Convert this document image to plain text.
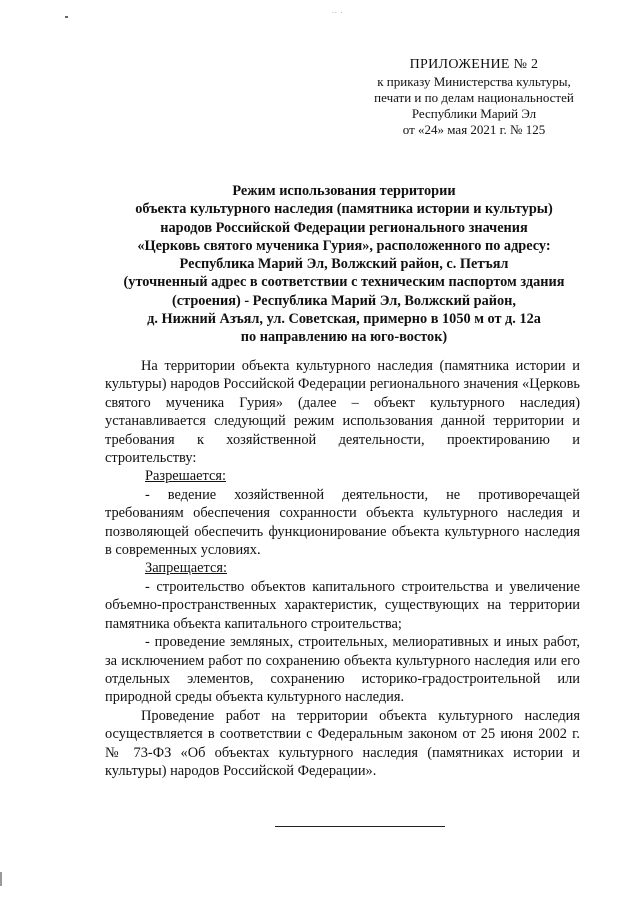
·· ·
ПРИЛОЖЕНИЕ № 2
к приказу Министерства культуры,
печати и по делам национальностей
Республики Марий Эл
от «24» мая 2021 г. № 125
Режим использования территории
объекта культурного наследия (памятника истории и культуры)
народов Российской Федерации регионального значения
«Церковь святого мученика Гурия», расположенного по адресу:
Республика Марий Эл, Волжский район, с. Петъял
(уточненный адрес в соответствии с техническим паспортом здания
(строения) - Республика Марий Эл, Волжский район,
д. Нижний Азъял, ул. Советская, примерно в 1050 м от д. 12а
по направлению на юго-восток)

На территории объекта культурного наследия (памятника истории и культуры) народов Российской Федерации регионального значения «Церковь святого мученика Гурия» (далее – объект культурного наследия) устанавливается следующий режим использования данной территории и требования к хозяйственной деятельности, проектированию и строительству:

Разрешается:

- ведение хозяйственной деятельности, не противоречащей требованиям обеспечения сохранности объекта культурного наследия и позволяющей обеспечить функционирование объекта культурного наследия в современных условиях.

Запрещается:

- строительство объектов капитального строительства и увеличение объемно-пространственных характеристик, существующих на территории памятника объекта капитального строительства;

- проведение земляных, строительных, мелиоративных и иных работ, за исключением работ по сохранению объекта культурного наследия или его отдельных элементов, сохранению историко-градостроительной или природной среды объекта культурного наследия.

Проведение работ на территории объекта культурного наследия осуществляется в соответствии с Федеральным законом от 25 июня 2002 г. № 73-ФЗ «Об объектах культурного наследия (памятниках истории и культуры) народов Российской Федерации».
